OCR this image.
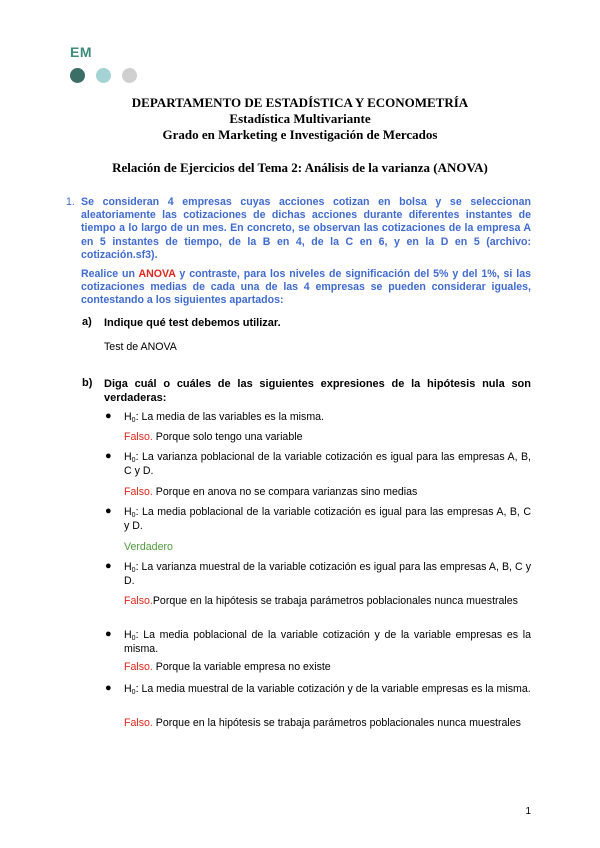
EM
DEPARTAMENTO DE ESTADÍSTICA Y ECONOMETRÍA
Estadística Multivariante
Grado en Marketing e Investigación de Mercados
Relación de Ejercicios del Tema 2: Análisis de la varianza (ANOVA)
1. Se consideran 4 empresas cuyas acciones cotizan en bolsa y se seleccionan aleatoriamente las cotizaciones de dichas acciones durante diferentes instantes de tiempo a lo largo de un mes. En concreto, se observan las cotizaciones de la empresa A en 5 instantes de tiempo, de la B en 4, de la C en 6, y en la D en 5 (archivo: cotización.sf3).
Realice un ANOVA y contraste, para los niveles de significación del 5% y del 1%, si las cotizaciones medias de cada una de las 4 empresas se pueden considerar iguales, contestando a los siguientes apartados:
a) Indique qué test debemos utilizar.
Test de ANOVA
b) Diga cuál o cuáles de las siguientes expresiones de la hipótesis nula son verdaderas:
● $H_0$: La media de las variables es la misma.
Falso. Porque solo tengo una variable
● $H_0$: La varianza poblacional de la variable cotización es igual para las empresas A, B, C y D.
Falso. Porque en anova no se compara varianzas sino medias
● $H_0$: La media poblacional de la variable cotización es igual para las empresas A, B, C y D.
Verdadero
● $H_0$: La varianza muestral de la variable cotización es igual para las empresas A, B, C y D.
Falso.Porque en la hipótesis se trabaja parámetros poblacionales nunca muestrales
● $H_0$: La media poblacional de la variable cotización y de la variable empresas es la misma.
Falso. Porque la variable empresa no existe
● $H_0$: La media muestral de la variable cotización y de la variable empresas es la misma.
Falso. Porque en la hipótesis se trabaja parámetros poblacionales nunca muestrales
1
